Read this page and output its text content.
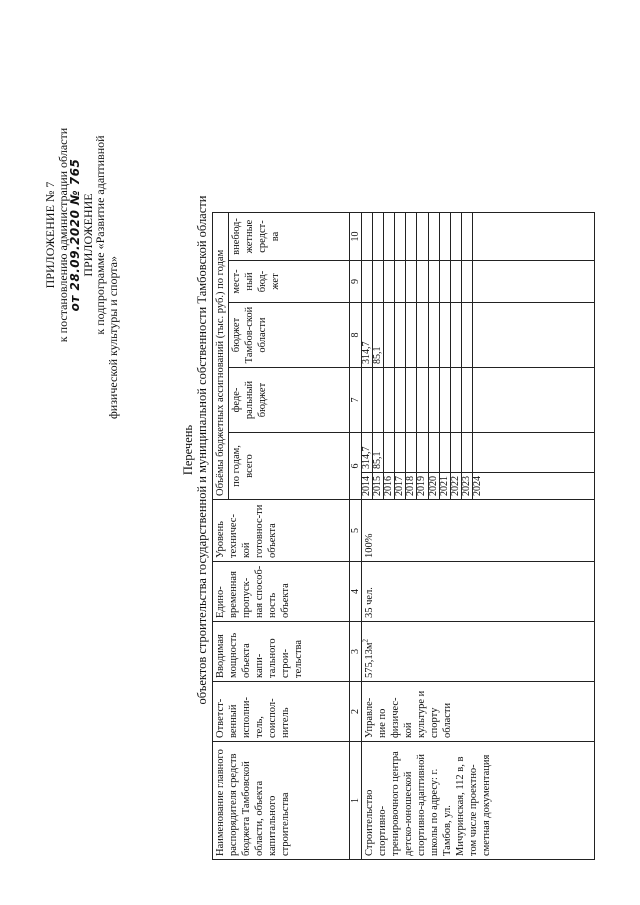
ПРИЛОЖЕНИЕ № 7
к постановлению администрации области
от 28.09.2020 № 765
ПРИЛОЖЕНИЕ
к подпрограмме «Развитие адаптивной
физической культуры и спорта»
Перечень объектов строительства государственной и муниципальной собственности Тамбовской области
Наименование главного распорядителя средств бюджета Тамбовской области, объекта капитального строительства	Ответст-венный исполни-тель, соиспол-нитель	Вводимая мощность объекта капи-тального строи-тельства	Едино-временная пропуск-ная способ-ность объекта	Уровень техничес-кой готовнос-ти объекта	Объёмы бюджетных ассигнований (тыс. руб.) по годам					
					по годам, всего		феде-ральный бюджет	бюджет Тамбов-ской области	мест-ный бюд-жет	внебюд-жетные средст-ва
1	2	3	4	5	6		7	8	9	10
Строительство спортивно-тренировочного центра детско-юношеской спортивно-адаптивной школы по адресу: г. Тамбов, ул. Мичуринская, 112 в, в том числе проектно-сметная документация	Управле-ние по физичес-кой культуре и спорту области	$575,13м^2$	35 чел.	100%	2014	314,7		314,7		
					2015	85,1		85,1		
					2016					
					2017					
					2018					
					2019					
					2020					
					2021					
					2022					
					2023					
					2024					
